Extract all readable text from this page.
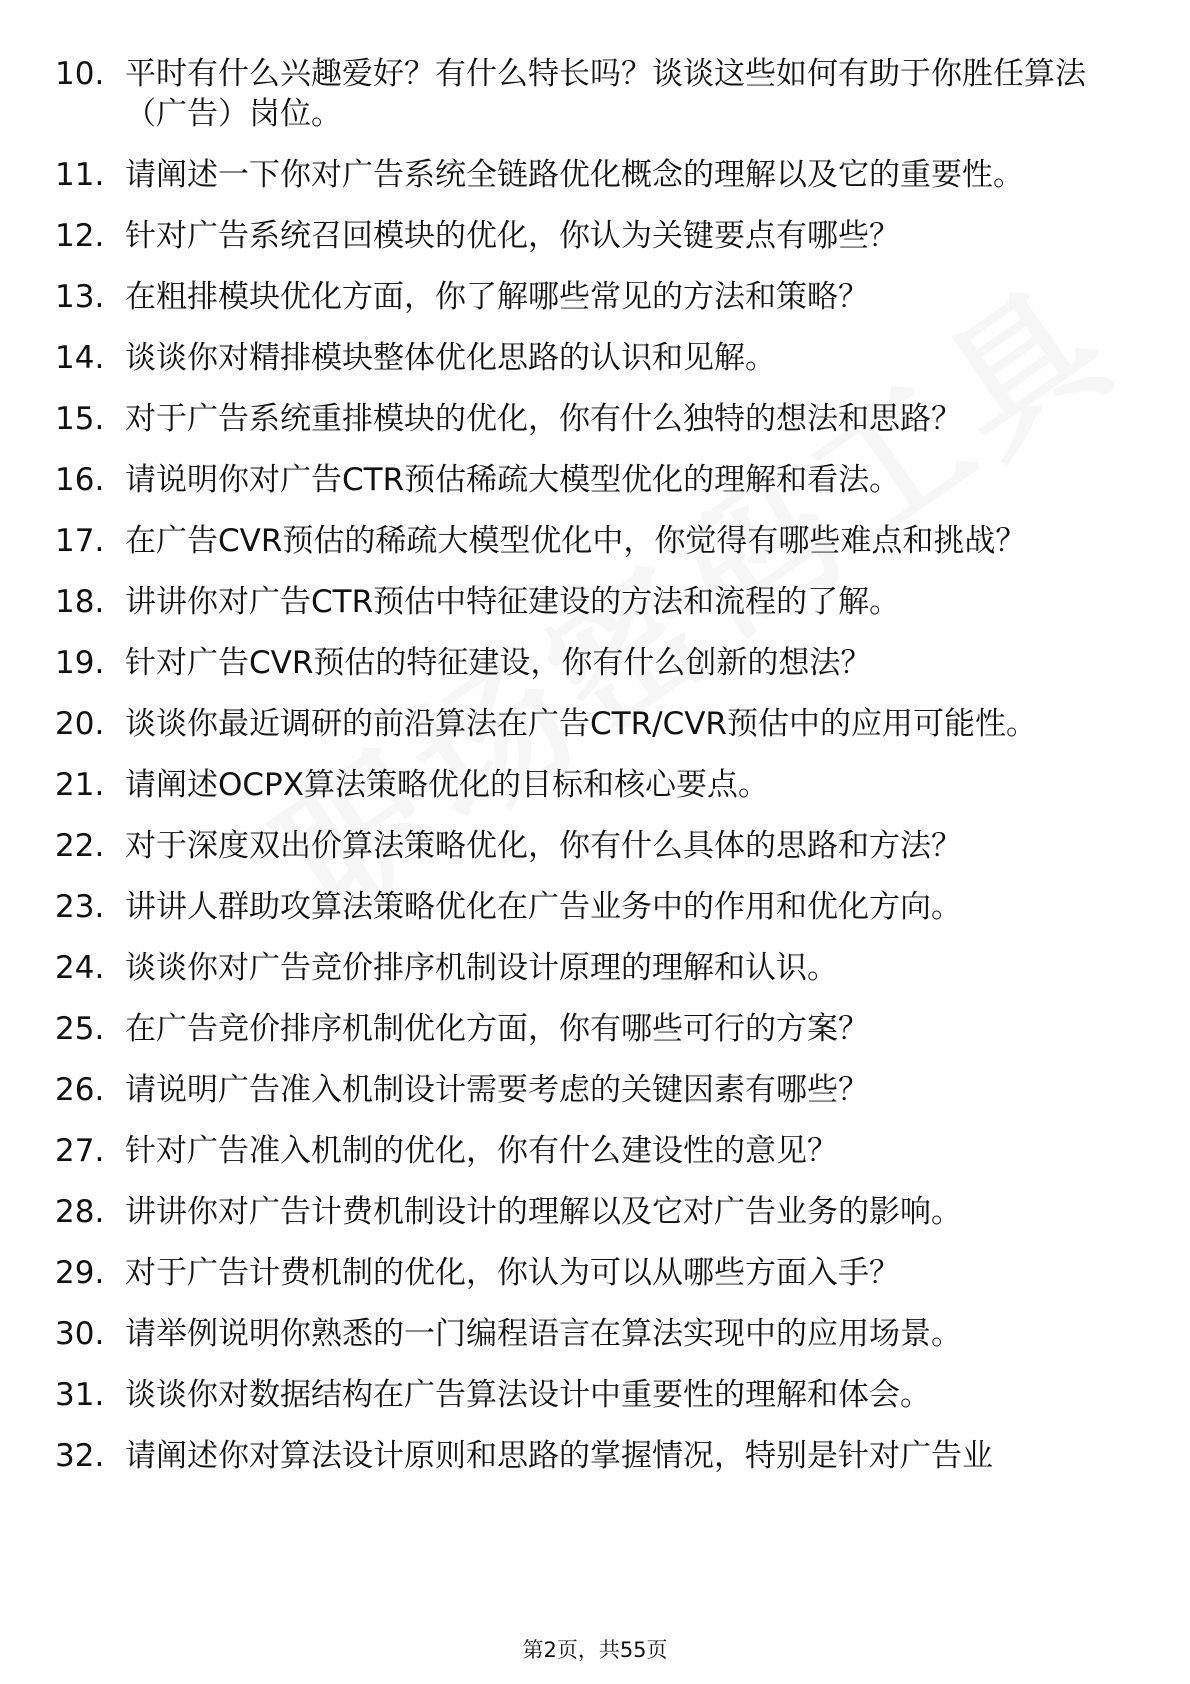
10. 平时有什么兴趣爱好？有什么特长吗？谈谈这些如何有助于你胜任算法（广告）岗位。
11. 请阐述一下你对广告系统全链路优化概念的理解以及它的重要性。
12. 针对广告系统召回模块的优化，你认为关键要点有哪些？
13. 在粗排模块优化方面，你了解哪些常见的方法和策略？
14. 谈谈你对精排模块整体优化思路的认识和见解。
15. 对于广告系统重排模块的优化，你有什么独特的想法和思路？
16. 请说明你对广告CTR预估稀疏大模型优化的理解和看法。
17. 在广告CVR预估的稀疏大模型优化中，你觉得有哪些难点和挑战？
18. 讲讲你对广告CTR预估中特征建设的方法和流程的了解。
19. 针对广告CVR预估的特征建设，你有什么创新的想法？
20. 谈谈你最近调研的前沿算法在广告CTR/CVR预估中的应用可能性。
21. 请阐述OCPX算法策略优化的目标和核心要点。
22. 对于深度双出价算法策略优化，你有什么具体的思路和方法？
23. 讲讲人群助攻算法策略优化在广告业务中的作用和优化方向。
24. 谈谈你对广告竞价排序机制设计原理的理解和认识。
25. 在广告竞价排序机制优化方面，你有哪些可行的方案？
26. 请说明广告准入机制设计需要考虑的关键因素有哪些？
27. 针对广告准入机制的优化，你有什么建设性的意见？
28. 讲讲你对广告计费机制设计的理解以及它对广告业务的影响。
29. 对于广告计费机制的优化，你认为可以从哪些方面入手？
30. 请举例说明你熟悉的一门编程语言在算法实现中的应用场景。
31. 谈谈你对数据结构在广告算法设计中重要性的理解和体会。
32. 请阐述你对算法设计原则和思路的掌握情况，特别是针对广告业
第2页，共55页
